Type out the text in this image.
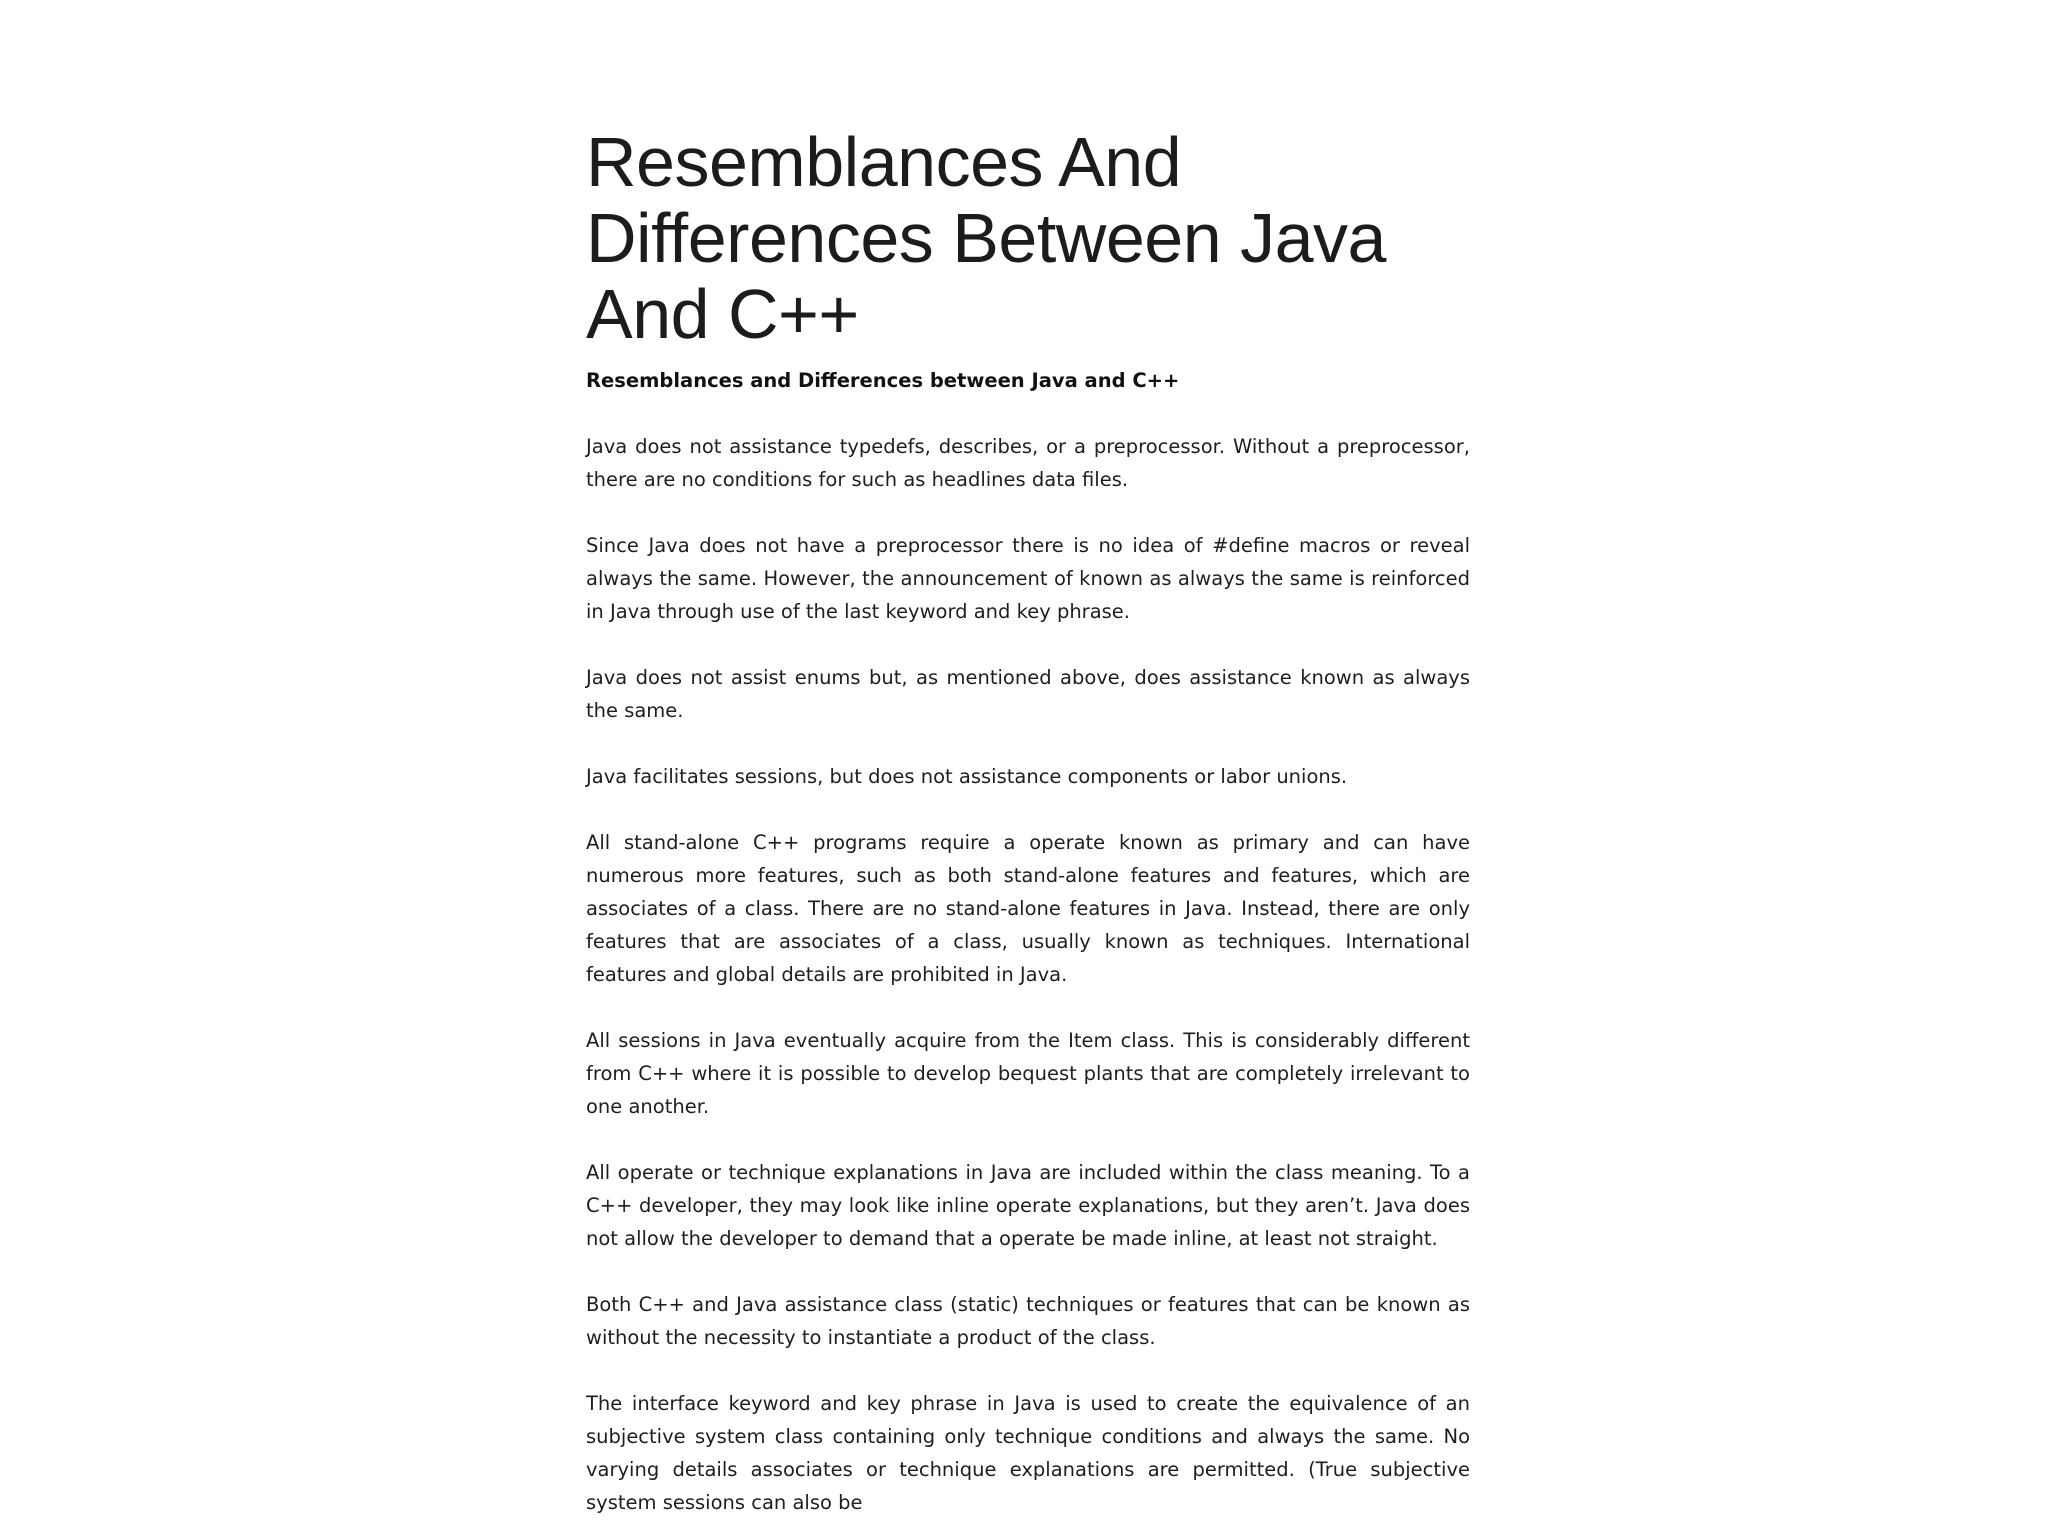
Resemblances And Differences Between Java And C++

Resemblances and Differences between Java and C++

Java does not assistance typedefs, describes, or a preprocessor. Without a preprocessor, there are no conditions for such as headlines data files.

Since Java does not have a preprocessor there is no idea of #define macros or reveal always the same. However, the announcement of known as always the same is reinforced in Java through use of the last keyword and key phrase.

Java does not assist enums but, as mentioned above, does assistance known as always the same.

Java facilitates sessions, but does not assistance components or labor unions.

All stand-alone C++ programs require a operate known as primary and can have numerous more features, such as both stand-alone features and features, which are associates of a class. There are no stand-alone features in Java. Instead, there are only features that are associates of a class, usually known as techniques. International features and global details are prohibited in Java.

All sessions in Java eventually acquire from the Item class. This is considerably different from C++ where it is possible to develop bequest plants that are completely irrelevant to one another.

All operate or technique explanations in Java are included within the class meaning. To a C++ developer, they may look like inline operate explanations, but they aren’t. Java does not allow the developer to demand that a operate be made inline, at least not straight.

Both C++ and Java assistance class (static) techniques or features that can be known as without the necessity to instantiate a product of the class.

The interface keyword and key phrase in Java is used to create the equivalence of an subjective system class containing only technique conditions and always the same. No varying details associates or technique explanations are permitted. (True subjective system sessions can also be
